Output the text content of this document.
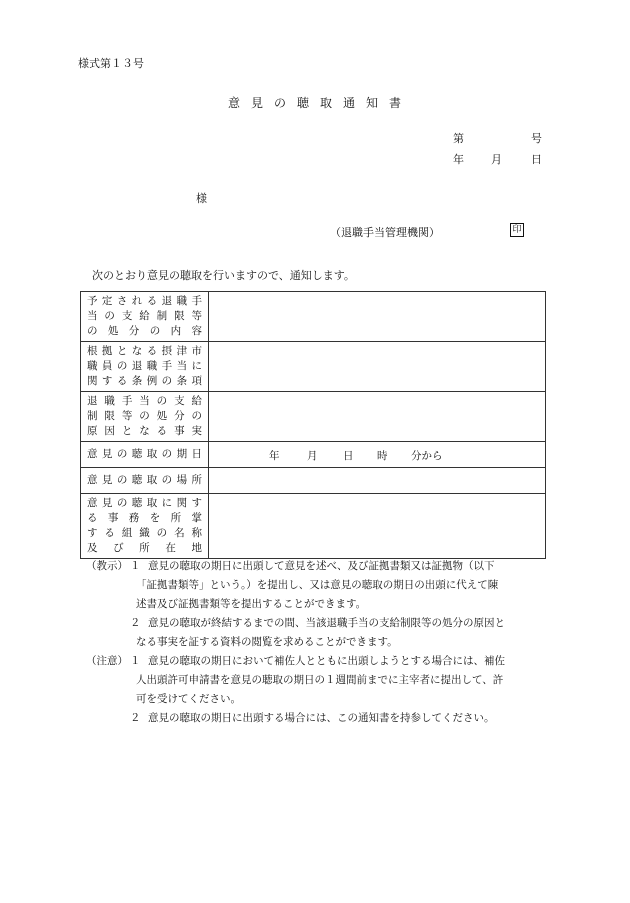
様式第１３号
意見の聴取通知書
第	号
年 月	日
様
（退職手当管理機関）	印
次のとおり意見の聴取を行いますので、通知します。
予定される退職手
当の支給制限等
の処分の内容	

根拠となる摂津市
職員の退職手当に
関する条例の条項	

退職手当の支給
制限等の処分の
原因となる事実	

意見の聴取の期日	年 月 日 時 分から

意見の聴取の場所	

意見の聴取に関す
る事務を所掌
する組織の名称
及び所在地	

（教示） １ 意見の聴取の期日に出頭して意見を述べ、及び証拠書類又は証拠物（以下
「証拠書類等」という。）を提出し、又は意見の聴取の期日の出頭に代えて陳
述書及び証拠書類等を提出することができます。
２ 意見の聴取が終結するまでの間、当該退職手当の支給制限等の処分の原因と
なる事実を証する資料の閲覧を求めることができます。
（注意） １ 意見の聴取の期日において補佐人とともに出頭しようとする場合には、補佐
人出頭許可申請書を意見の聴取の期日の１週間前までに主宰者に提出して、許
可を受けてください。
２ 意見の聴取の期日に出頭する場合には、この通知書を持参してください。
